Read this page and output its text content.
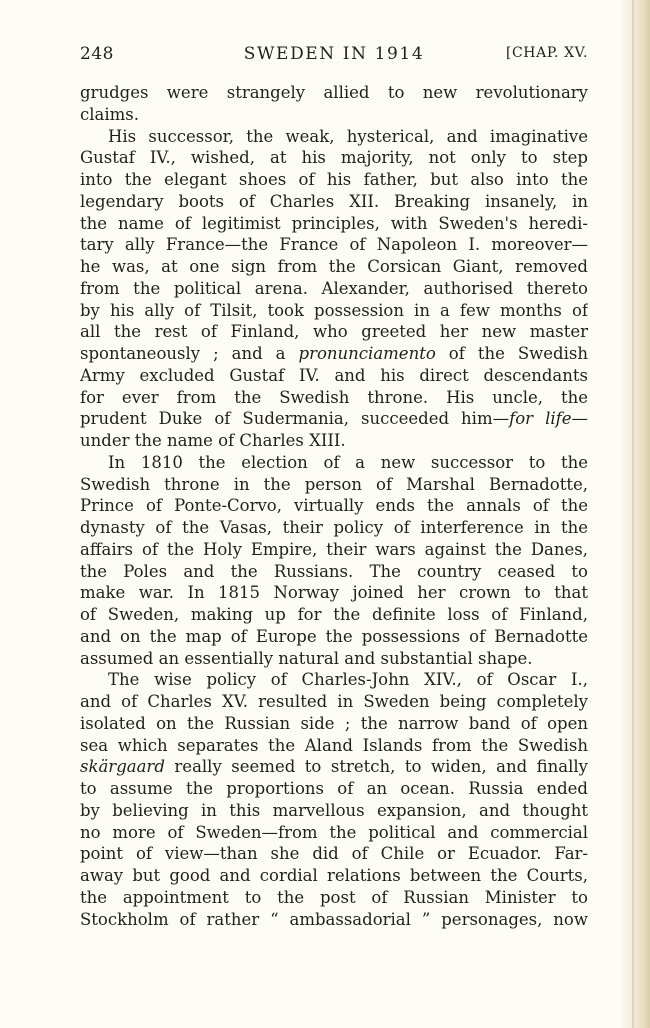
248	SWEDEN IN 1914	[CHAP. XV.
grudges were strangely allied to new revolutionary
claims.
His successor, the weak, hysterical, and imaginative
Gustaf IV., wished, at his majority, not only to step
into the elegant shoes of his father, but also into the
legendary boots of Charles XII. Breaking insanely, in
the name of legitimist principles, with Sweden's heredi-
tary ally France—the France of Napoleon I. moreover—
he was, at one sign from the Corsican Giant, removed
from the political arena. Alexander, authorised thereto
by his ally of Tilsit, took possession in a few months of
all the rest of Finland, who greeted her new master
spontaneously ; and a pronunciamento of the Swedish
Army excluded Gustaf IV. and his direct descendants
for ever from the Swedish throne. His uncle, the
prudent Duke of Sudermania, succeeded him—for life—
under the name of Charles XIII.
In 1810 the election of a new successor to the
Swedish throne in the person of Marshal Bernadotte,
Prince of Ponte-Corvo, virtually ends the annals of the
dynasty of the Vasas, their policy of interference in the
affairs of the Holy Empire, their wars against the Danes,
the Poles and the Russians. The country ceased to
make war. In 1815 Norway joined her crown to that
of Sweden, making up for the definite loss of Finland,
and on the map of Europe the possessions of Bernadotte
assumed an essentially natural and substantial shape.
The wise policy of Charles-John XIV., of Oscar I.,
and of Charles XV. resulted in Sweden being completely
isolated on the Russian side ; the narrow band of open
sea which separates the Aland Islands from the Swedish
skärgaard really seemed to stretch, to widen, and finally
to assume the proportions of an ocean. Russia ended
by believing in this marvellous expansion, and thought
no more of Sweden—from the political and commercial
point of view—than she did of Chile or Ecuador. Far-
away but good and cordial relations between the Courts,
the appointment to the post of Russian Minister to
Stockholm of rather “ ambassadorial ” personages, now
